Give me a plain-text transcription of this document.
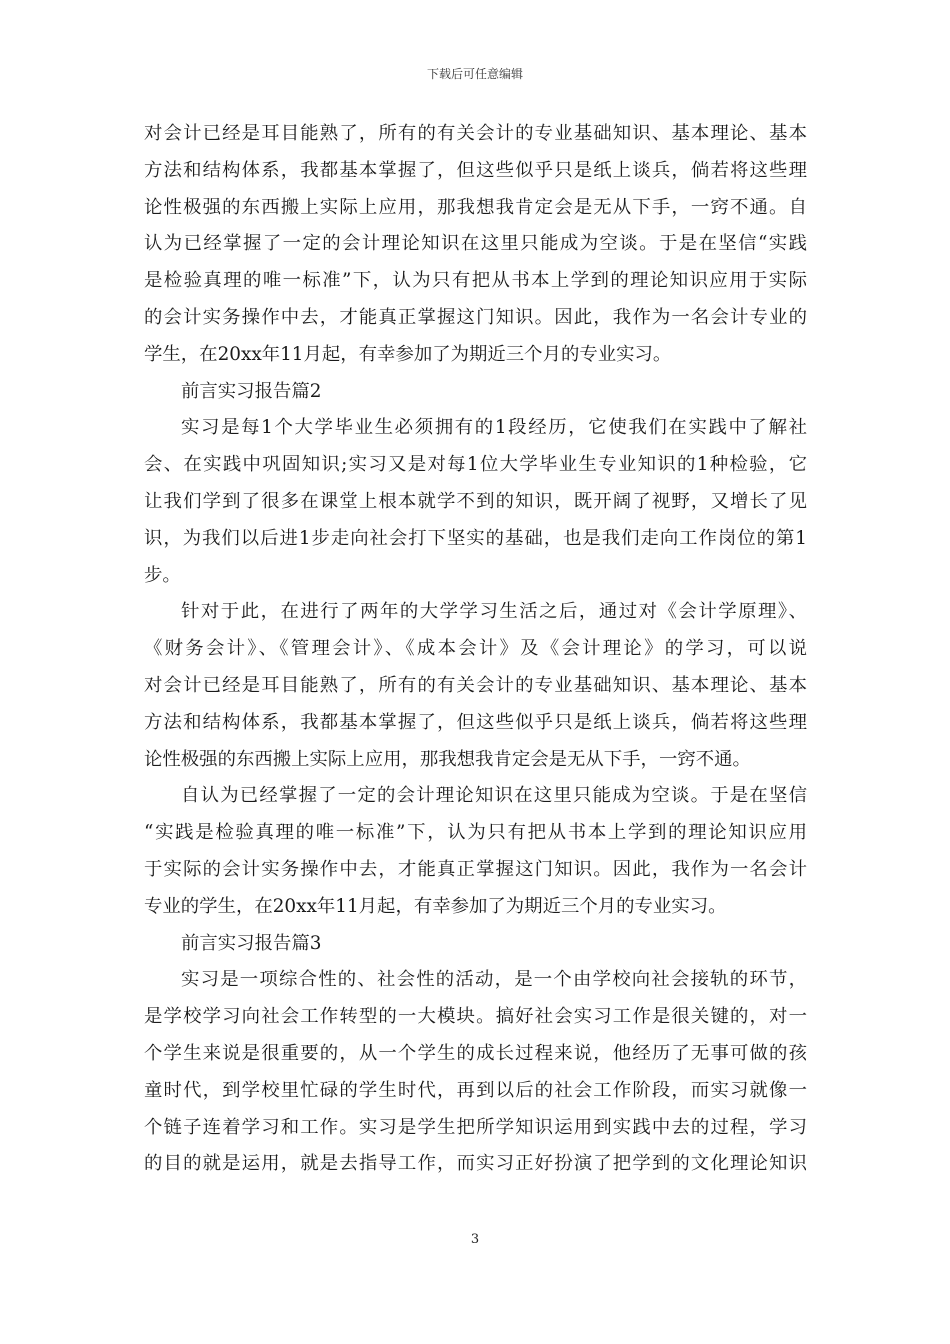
下载后可任意编辑
对会计已经是耳目能熟了，所有的有关会计的专业基础知识、基本理论、基本
方法和结构体系，我都基本掌握了，但这些似乎只是纸上谈兵，倘若将这些理
论性极强的东西搬上实际上应用，那我想我肯定会是无从下手，一窍不通。自
认为已经掌握了一定的会计理论知识在这里只能成为空谈。于是在坚信“实践
是检验真理的唯一标准”下，认为只有把从书本上学到的理论知识应用于实际
的会计实务操作中去，才能真正掌握这门知识。因此，我作为一名会计专业的
学生，在20xx年11月起，有幸参加了为期近三个月的专业实习。
前言实习报告篇2
实习是每1个大学毕业生必须拥有的1段经历，它使我们在实践中了解社
会、在实践中巩固知识;实习又是对每1位大学毕业生专业知识的1种检验，它
让我们学到了很多在课堂上根本就学不到的知识，既开阔了视野，又增长了见
识，为我们以后进1步走向社会打下坚实的基础，也是我们走向工作岗位的第1
步。
针对于此，在进行了两年的大学学习生活之后，通过对《会计学原理》、
《财务会计》、《管理会计》、《成本会计》及《会计理论》的学习，可以说
对会计已经是耳目能熟了，所有的有关会计的专业基础知识、基本理论、基本
方法和结构体系，我都基本掌握了，但这些似乎只是纸上谈兵，倘若将这些理
论性极强的东西搬上实际上应用，那我想我肯定会是无从下手，一窍不通。
自认为已经掌握了一定的会计理论知识在这里只能成为空谈。于是在坚信
“实践是检验真理的唯一标准”下，认为只有把从书本上学到的理论知识应用
于实际的会计实务操作中去，才能真正掌握这门知识。因此，我作为一名会计
专业的学生，在20xx年11月起，有幸参加了为期近三个月的专业实习。
前言实习报告篇3
实习是一项综合性的、社会性的活动，是一个由学校向社会接轨的环节，
是学校学习向社会工作转型的一大模块。搞好社会实习工作是很关键的，对一
个学生来说是很重要的，从一个学生的成长过程来说，他经历了无事可做的孩
童时代，到学校里忙碌的学生时代，再到以后的社会工作阶段，而实习就像一
个链子连着学习和工作。实习是学生把所学知识运用到实践中去的过程，学习
的目的就是运用，就是去指导工作，而实习正好扮演了把学到的文化理论知识
3
